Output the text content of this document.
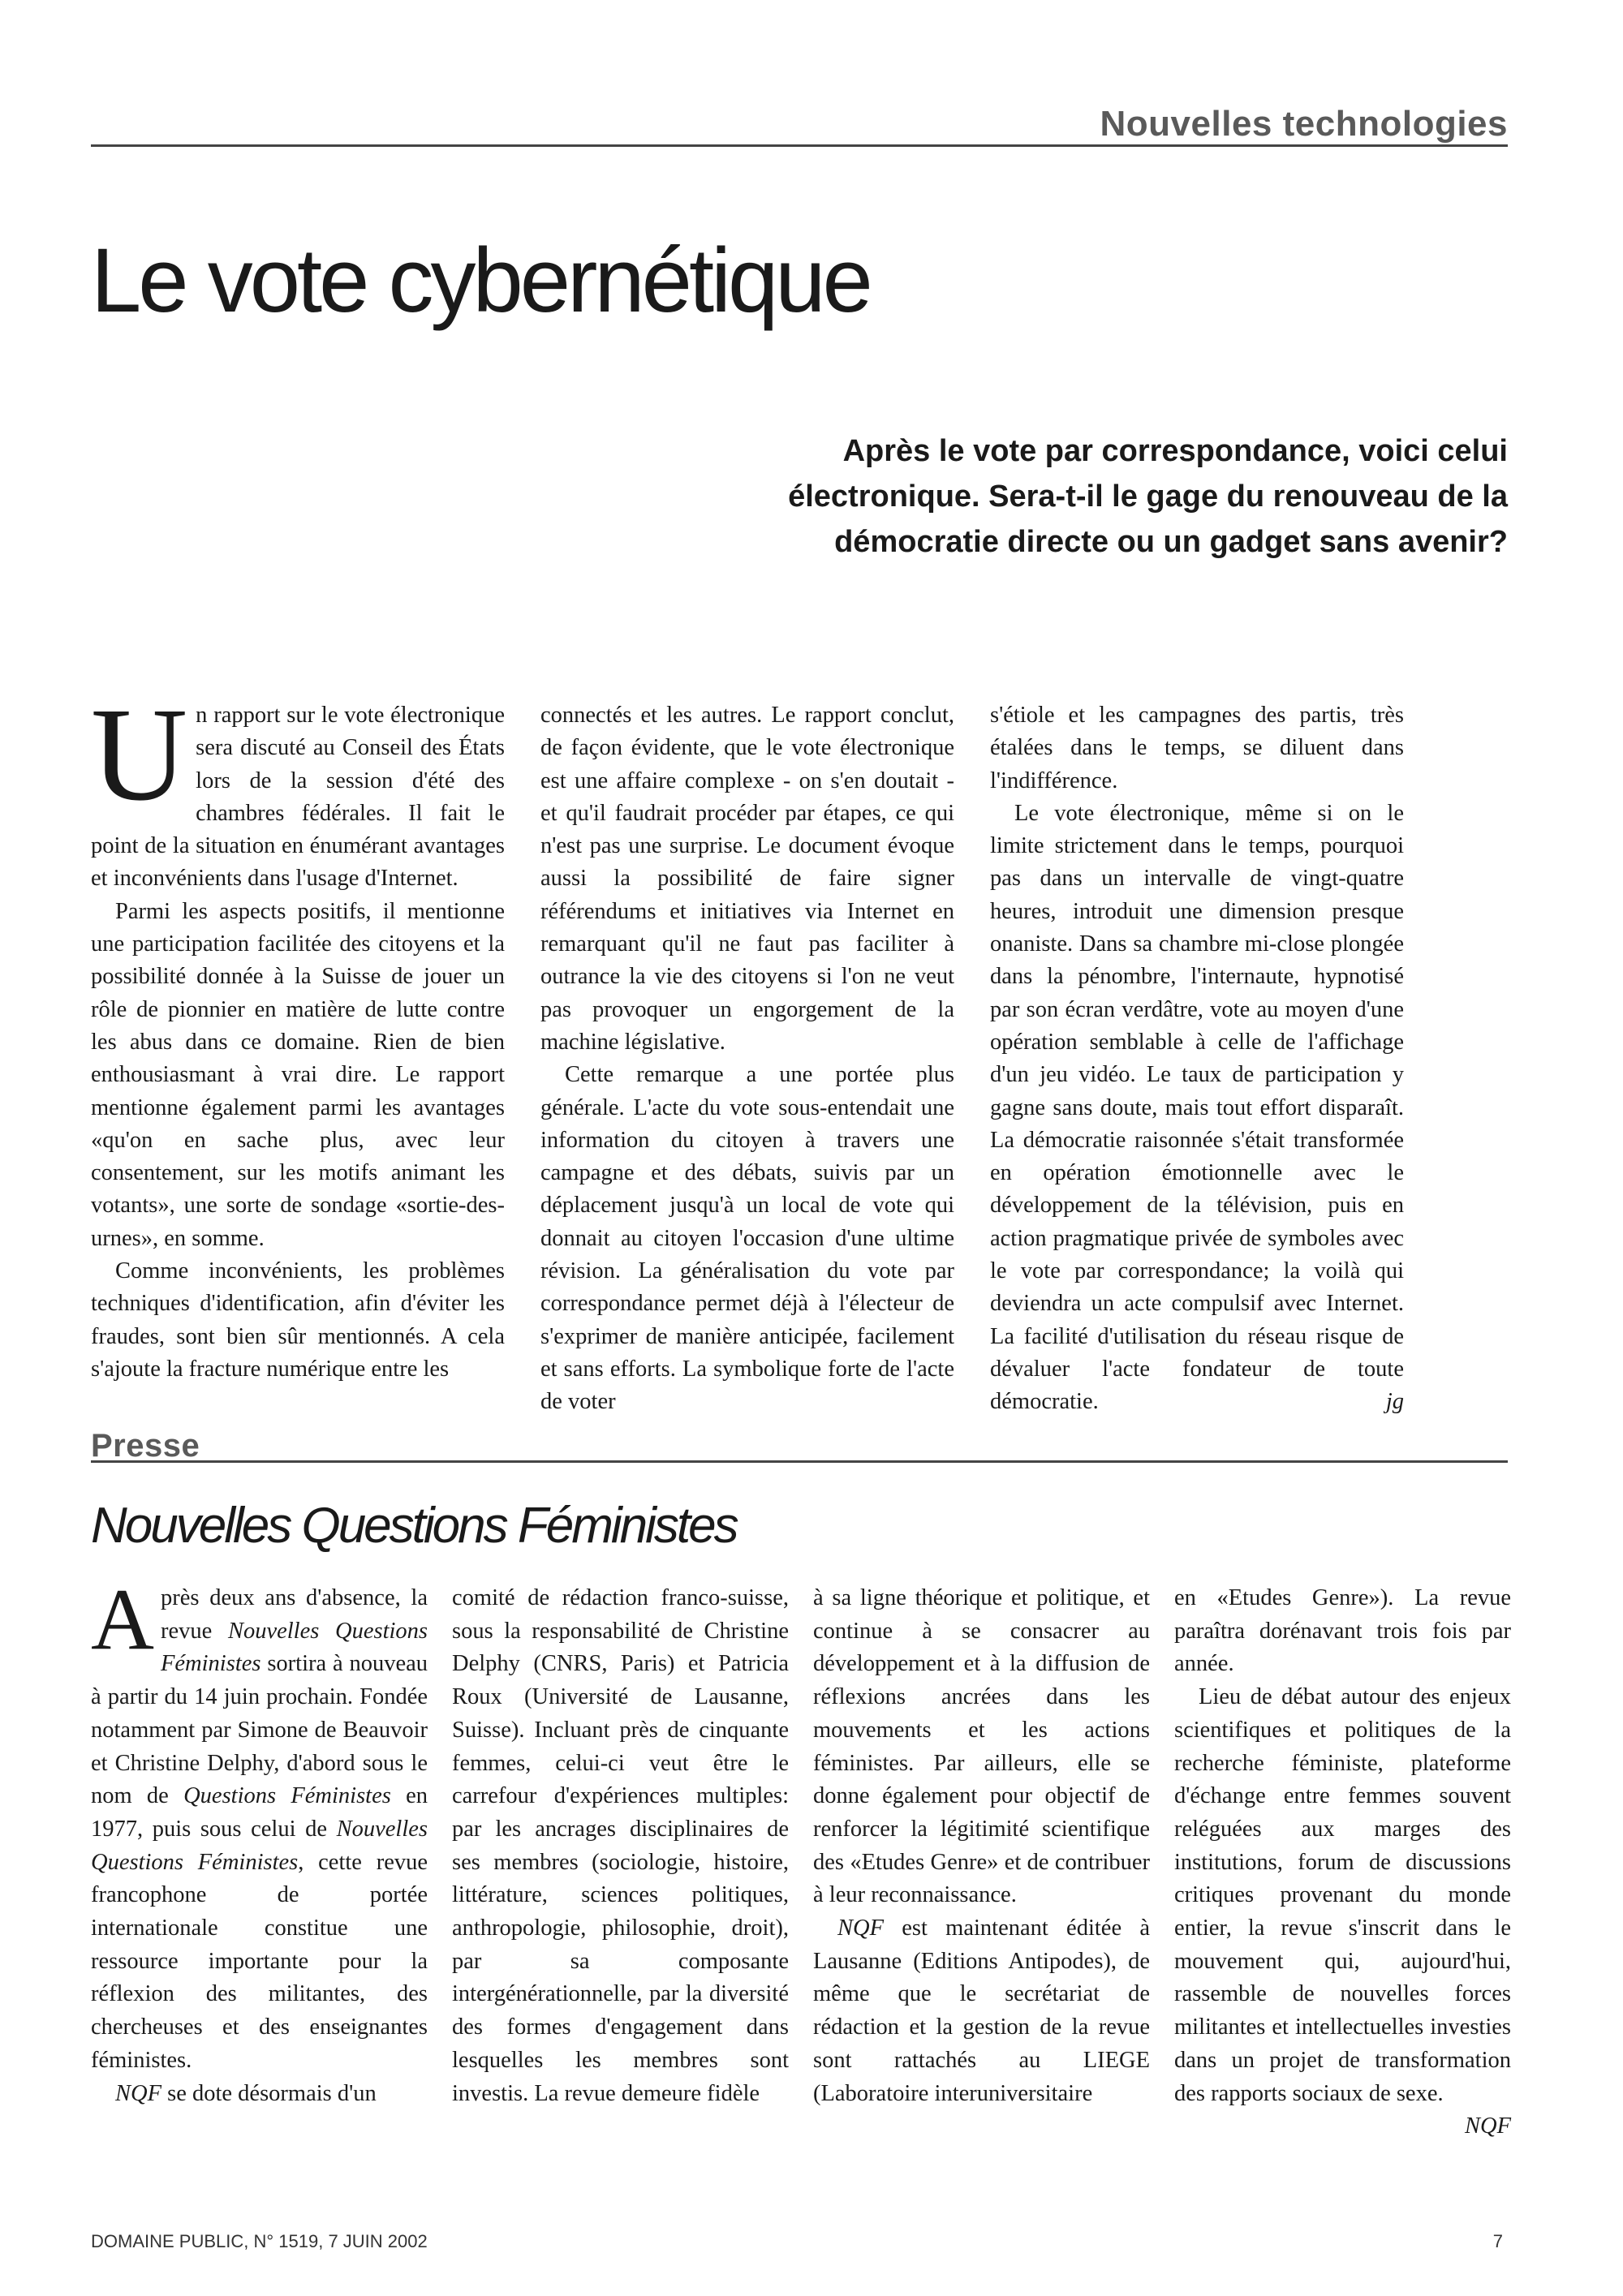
Nouvelles technologies
Le vote cybernétique
Après le vote par correspondance, voici celui électronique. Sera-t-il le gage du renouveau de la démocratie directe ou un gadget sans avenir?

Un rapport sur le vote électronique sera discuté au Conseil des États lors de la session d'été des chambres fédérales. Il fait le point de la situation en énumérant avantages et inconvénients dans l'usage d'Internet.

Parmi les aspects positifs, il mentionne une participation facilitée des citoyens et la possibilité donnée à la Suisse de jouer un rôle de pionnier en matière de lutte contre les abus dans ce domaine. Rien de bien enthousiasmant à vrai dire. Le rapport mentionne également parmi les avantages «qu'on en sache plus, avec leur consentement, sur les motifs animant les votants», une sorte de sondage «sortie-des-urnes», en somme.

Comme inconvénients, les problèmes techniques d'identification, afin d'éviter les fraudes, sont bien sûr mentionnés. A cela s'ajoute la fracture numérique entre les

connectés et les autres. Le rapport conclut, de façon évidente, que le vote électronique est une affaire complexe - on s'en doutait - et qu'il faudrait procéder par étapes, ce qui n'est pas une surprise. Le document évoque aussi la possibilité de faire signer référendums et initiatives via Internet en remarquant qu'il ne faut pas faciliter à outrance la vie des citoyens si l'on ne veut pas provoquer un engorgement de la machine législative.

Cette remarque a une portée plus générale. L'acte du vote sous-entendait une information du citoyen à travers une campagne et des débats, suivis par un déplacement jusqu'à un local de vote qui donnait au citoyen l'occasion d'une ultime révision. La généralisation du vote par correspondance permet déjà à l'électeur de s'exprimer de manière anticipée, facilement et sans efforts. La symbolique forte de l'acte de voter

s'étiole et les campagnes des partis, très étalées dans le temps, se diluent dans l'indifférence.

Le vote électronique, même si on le limite strictement dans le temps, pourquoi pas dans un intervalle de vingt-quatre heures, introduit une dimension presque onaniste. Dans sa chambre mi-close plongée dans la pénombre, l'internaute, hypnotisé par son écran verdâtre, vote au moyen d'une opération semblable à celle de l'affichage d'un jeu vidéo. Le taux de participation y gagne sans doute, mais tout effort disparaît. La démocratie raisonnée s'était transformée en opération émotionnelle avec le développement de la télévision, puis en action pragmatique privée de symboles avec le vote par correspondance; la voilà qui deviendra un acte compulsif avec Internet. La facilité d'utilisation du réseau risque de dévaluer l'acte fondateur de toute démocratie.	jg

Presse
Nouvelles Questions Féministes

Après deux ans d'absence, la revue Nouvelles Questions Féministes sortira à nouveau à partir du 14 juin prochain. Fondée notamment par Simone de Beauvoir et Christine Delphy, d'abord sous le nom de Questions Féministes en 1977, puis sous celui de Nouvelles Questions Féministes, cette revue francophone de portée internationale constitue une ressource importante pour la réflexion des militantes, des chercheuses et des enseignantes féministes.

NQF se dote désormais d'un

comité de rédaction franco-suisse, sous la responsabilité de Christine Delphy (CNRS, Paris) et Patricia Roux (Université de Lausanne, Suisse). Incluant près de cinquante femmes, celui-ci veut être le carrefour d'expériences multiples: par les ancrages disciplinaires de ses membres (sociologie, histoire, littérature, sciences politiques, anthropologie, philosophie, droit), par sa composante intergénérationnelle, par la diversité des formes d'engagement dans lesquelles les membres sont investis. La revue demeure fidèle

à sa ligne théorique et politique, et continue à se consacrer au développement et à la diffusion de réflexions ancrées dans les mouvements et les actions féministes. Par ailleurs, elle se donne également pour objectif de renforcer la légitimité scientifique des «Etudes Genre» et de contribuer à leur reconnaissance.

NQF est maintenant éditée à Lausanne (Editions Antipodes), de même que le secrétariat de rédaction et la gestion de la revue sont rattachés au LIEGE (Laboratoire interuniversitaire

en «Etudes Genre»). La revue paraîtra dorénavant trois fois par année.

Lieu de débat autour des enjeux scientifiques et politiques de la recherche féministe, plateforme d'échange entre femmes souvent reléguées aux marges des institutions, forum de discussions critiques provenant du monde entier, la revue s'inscrit dans le mouvement qui, aujourd'hui, rassemble de nouvelles forces militantes et intellectuelles investies dans un projet de transformation des rapports sociaux de sexe.
NQF

DOMAINE PUBLIC, N° 1519, 7 JUIN 2002	7
